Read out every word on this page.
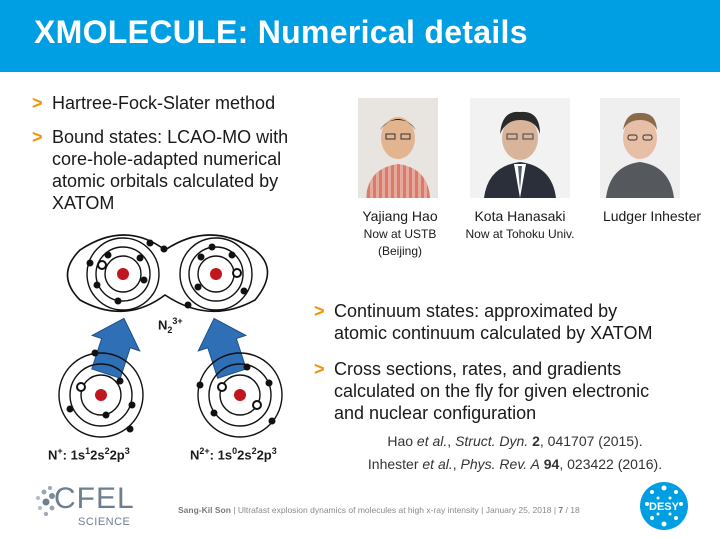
XMOLECULE: Numerical details
> Hartree-Fock-Slater method
> Bound states: LCAO-MO with
core-hole-adapted numerical
atomic orbitals calculated by
XATOM
Yajiang Hao
Now at USTB
(Beijing)
Kota Hanasaki
Now at Tohoku Univ.
Ludger Inhester
$N_2^{3+}$
N+: $1s^12s^22p^3$	$N^{2+}$: $1s^02s^22p^3$
> Continuum states: approximated by
atomic continuum calculated by XATOM
> Cross sections, rates, and gradients
calculated on the fly for given electronic
and nuclear configuration
Hao et al., Struct. Dyn. 2, 041707 (2015).
Inhester et al., Phys. Rev. A 94, 023422 (2016).
CFEL
SCIENCE
Sang-Kil Son | Ultrafast explosion dynamics of molecules at high x-ray intensity | January 25, 2018 | 7 / 18	DESY
